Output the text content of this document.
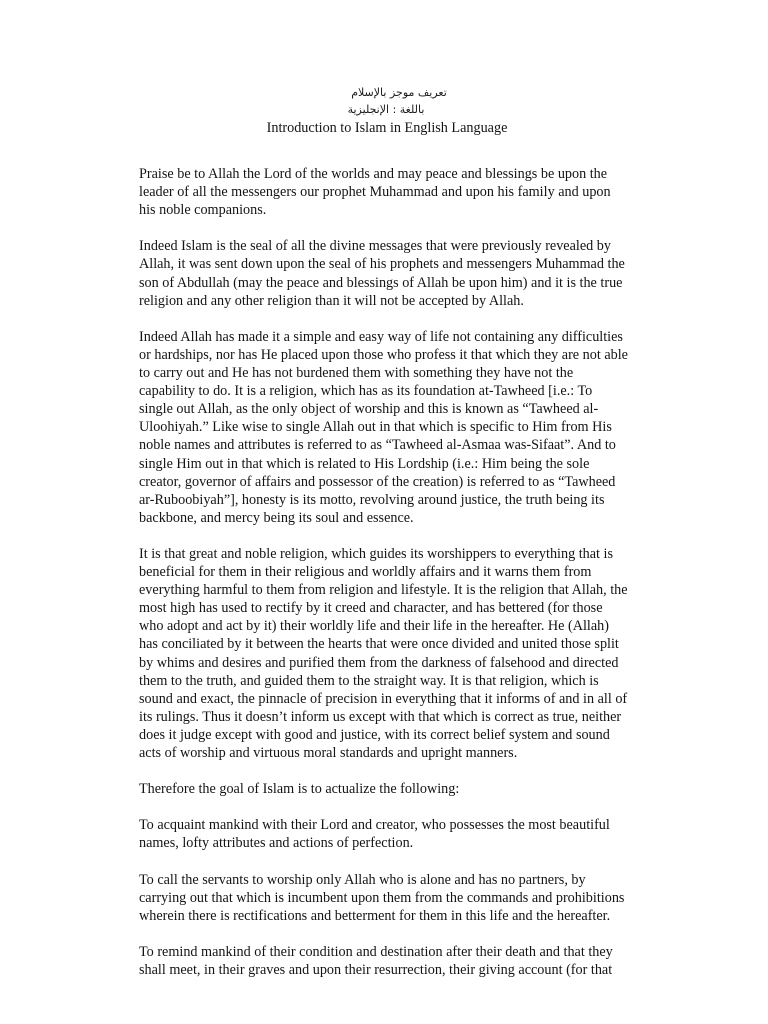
تعريف موجز بالإسلام
باللغة : الإنجليزية
Introduction to Islam in English Language

Praise be to Allah the Lord of the worlds and may peace and blessings be upon the
leader of all the messengers our prophet Muhammad and upon his family and upon
his noble companions.

Indeed Islam is the seal of all the divine messages that were previously revealed by
Allah, it was sent down upon the seal of his prophets and messengers Muhammad the
son of Abdullah (may the peace and blessings of Allah be upon him) and it is the true
religion and any other religion than it will not be accepted by Allah.

Indeed Allah has made it a simple and easy way of life not containing any difficulties
or hardships, nor has He placed upon those who profess it that which they are not able
to carry out and He has not burdened them with something they have not the
capability to do. It is a religion, which has as its foundation at-Tawheed [i.e.: To
single out Allah, as the only object of worship and this is known as “Tawheed al-
Uloohiyah.” Like wise to single Allah out in that which is specific to Him from His
noble names and attributes is referred to as “Tawheed al-Asmaa was-Sifaat”. And to
single Him out in that which is related to His Lordship (i.e.: Him being the sole
creator, governor of affairs and possessor of the creation) is referred to as “Tawheed
ar-Ruboobiyah”], honesty is its motto, revolving around justice, the truth being its
backbone, and mercy being its soul and essence.

It is that great and noble religion, which guides its worshippers to everything that is
beneficial for them in their religious and worldly affairs and it warns them from
everything harmful to them from religion and lifestyle. It is the religion that Allah, the
most high has used to rectify by it creed and character, and has bettered (for those
who adopt and act by it) their worldly life and their life in the hereafter. He (Allah)
has conciliated by it between the hearts that were once divided and united those split
by whims and desires and purified them from the darkness of falsehood and directed
them to the truth, and guided them to the straight way. It is that religion, which is
sound and exact, the pinnacle of precision in everything that it informs of and in all of
its rulings. Thus it doesn’t inform us except with that which is correct as true, neither
does it judge except with good and justice, with its correct belief system and sound
acts of worship and virtuous moral standards and upright manners.

Therefore the goal of Islam is to actualize the following:

To acquaint mankind with their Lord and creator, who possesses the most beautiful
names, lofty attributes and actions of perfection.

To call the servants to worship only Allah who is alone and has no partners, by
carrying out that which is incumbent upon them from the commands and prohibitions
wherein there is rectifications and betterment for them in this life and the hereafter.

To remind mankind of their condition and destination after their death and that they
shall meet, in their graves and upon their resurrection, their giving account (for that
